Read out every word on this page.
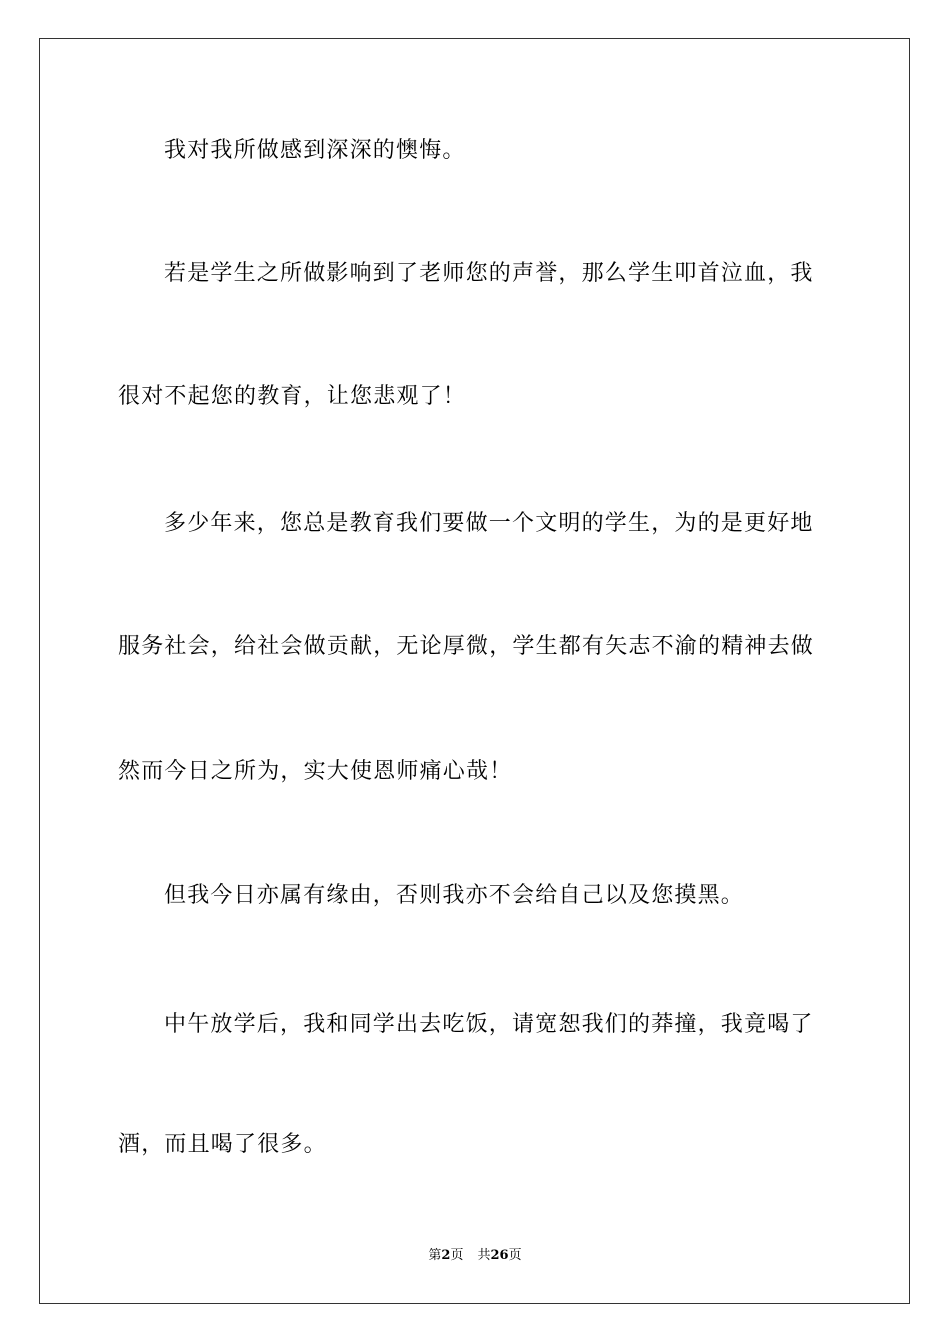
我对我所做感到深深的懊悔。
若是学生之所做影响到了老师您的声誉，那么学生叩首泣血，我
很对不起您的教育，让您悲观了！
多少年来，您总是教育我们要做一个文明的学生，为的是更好地
服务社会，给社会做贡献，无论厚微，学生都有矢志不渝的精神去做
然而今日之所为，实大使恩师痛心哉！
但我今日亦属有缘由，否则我亦不会给自己以及您摸黑。
中午放学后，我和同学出去吃饭，请宽恕我们的莽撞，我竟喝了
酒，而且喝了很多。
第2页 共26页
